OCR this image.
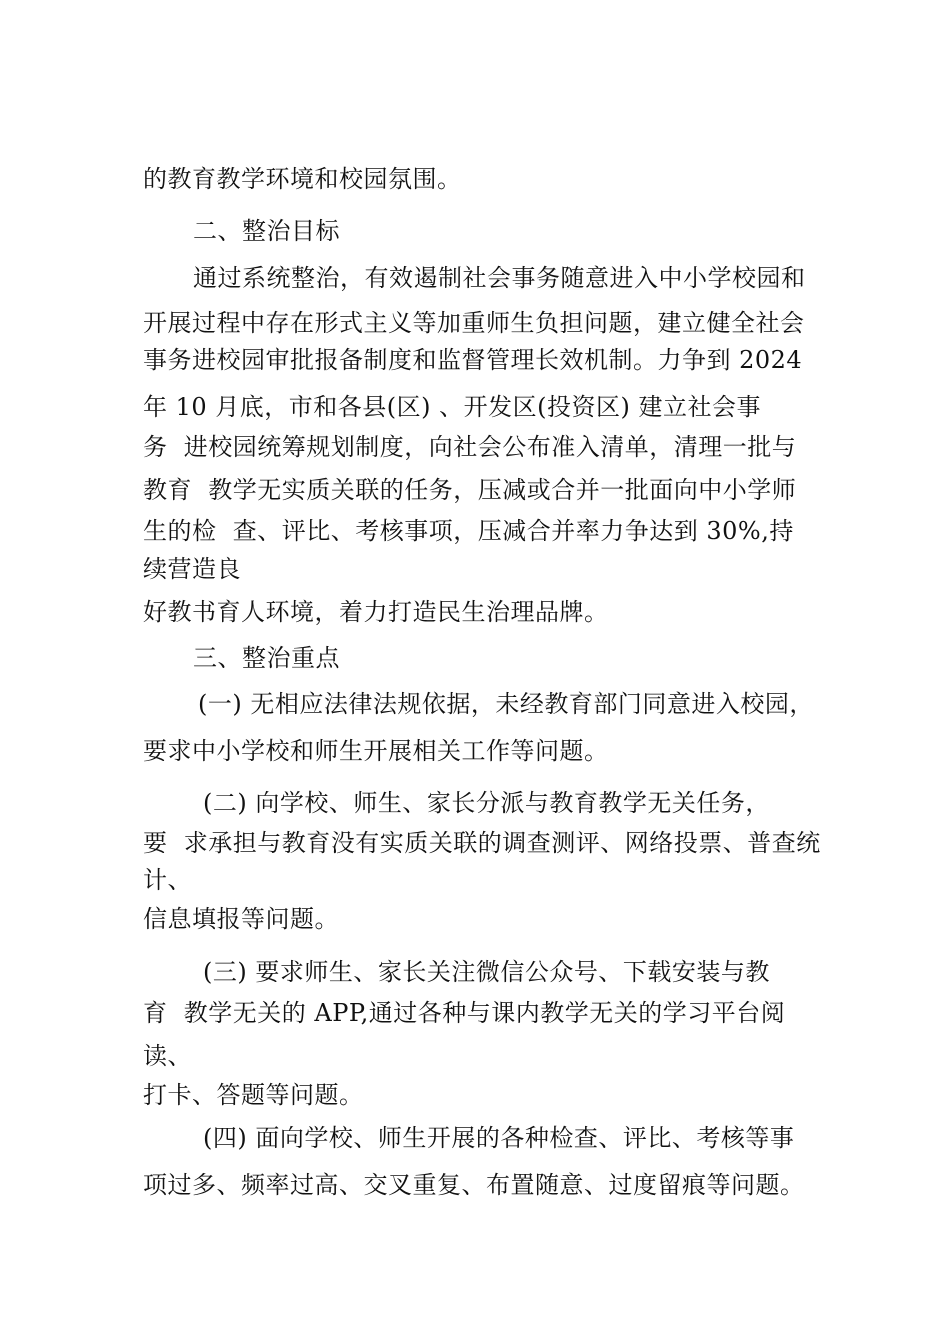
的教育教学环境和校园氛围。
二、整治目标
通过系统整治，有效遏制社会事务随意进入中小学校园和
开展过程中存在形式主义等加重师生负担问题，建立健全社会
事务进校园审批报备制度和监督管理长效机制。力争到 2024
年 10 月底，市和各县(区) 、开发区(投资区) 建立社会事
务  进校园统筹规划制度，向社会公布准入清单，清理一批与
教育  教学无实质关联的任务，压减或合并一批面向中小学师
生的检  查、评比、考核事项，压减合并率力争达到 30%,持
续营造良
好教书育人环境，着力打造民生治理品牌。
三、整治重点
(一) 无相应法律法规依据，未经教育部门同意进入校园，
要求中小学校和师生开展相关工作等问题。
(二) 向学校、师生、家长分派与教育教学无关任务，
要  求承担与教育没有实质关联的调查测评、网络投票、普查统
计、
信息填报等问题。
(三) 要求师生、家长关注微信公众号、下载安装与教
育  教学无关的 APP,通过各种与课内教学无关的学习平台阅
读、
打卡、答题等问题。
(四) 面向学校、师生开展的各种检查、评比、考核等事
项过多、频率过高、交叉重复、布置随意、过度留痕等问题。
